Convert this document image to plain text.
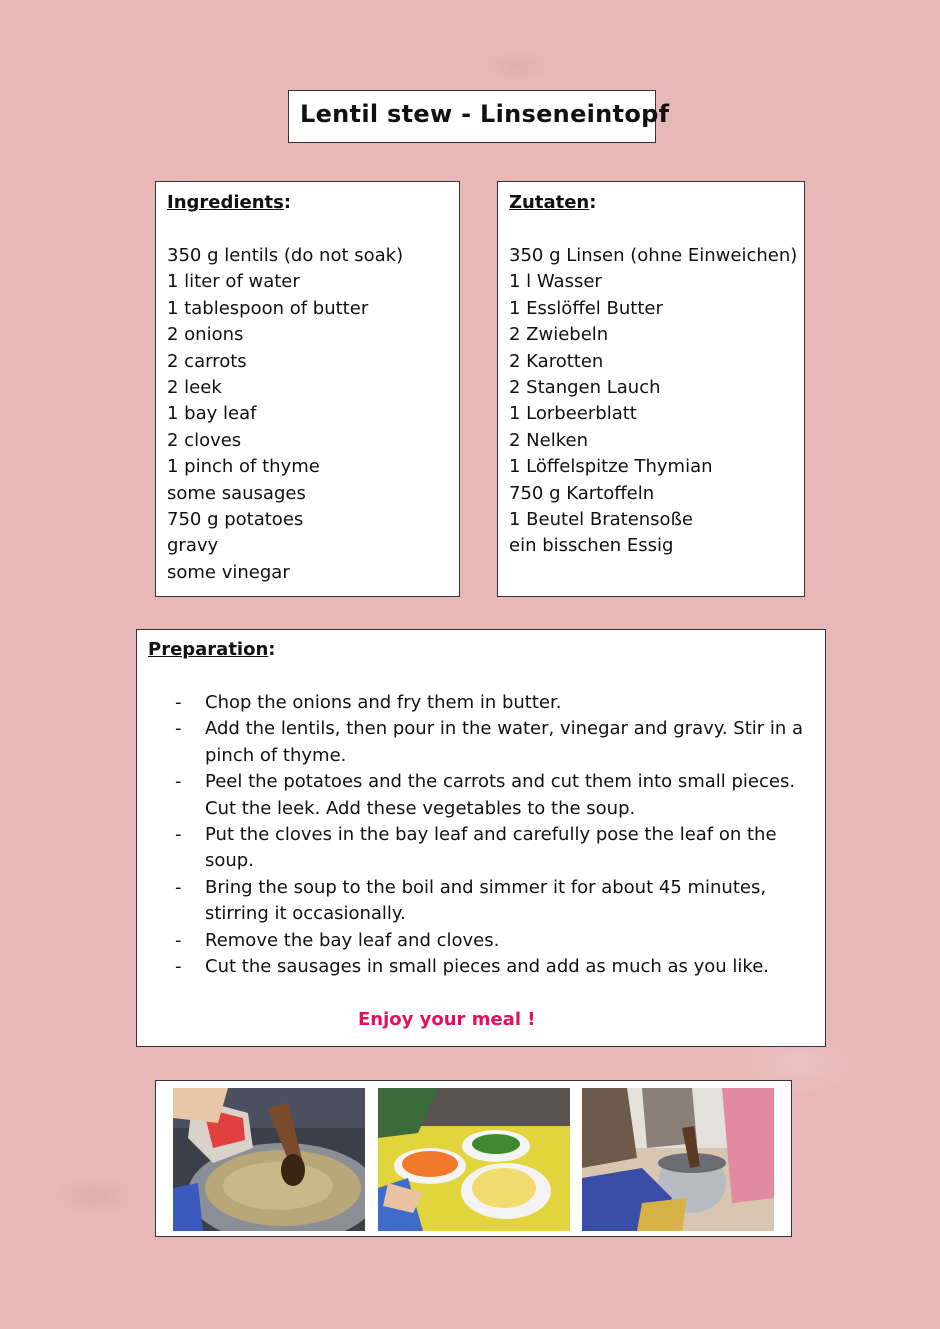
Lentil stew - Linseneintopf
Ingredients:
350 g lentils (do not soak)
1 liter of water
1 tablespoon of butter
2 onions
2 carrots
2 leek
1 bay leaf
2 cloves
1 pinch of thyme
some sausages
750 g potatoes
gravy
some vinegar
Zutaten:
350 g Linsen (ohne Einweichen)
1 l Wasser
1 Esslöffel Butter
2 Zwiebeln
2 Karotten
2 Stangen Lauch
1 Lorbeerblatt
2 Nelken
1 Löffelspitze Thymian
750 g Kartoffeln
1 Beutel Bratensoße
ein bisschen Essig
Preparation:
- Chop the onions and fry them in butter.
- Add the lentils, then pour in the water, vinegar and gravy. Stir in a pinch of thyme.
- Peel the potatoes and the carrots and cut them into small pieces. Cut the leek. Add these vegetables to the soup.
- Put the cloves in the bay leaf and carefully pose the leaf on the soup.
- Bring the soup to the boil and simmer it for about 45 minutes, stirring it occasionally.
- Remove the bay leaf and cloves.
- Cut the sausages in small pieces and add as much as you like.
Enjoy your meal !
